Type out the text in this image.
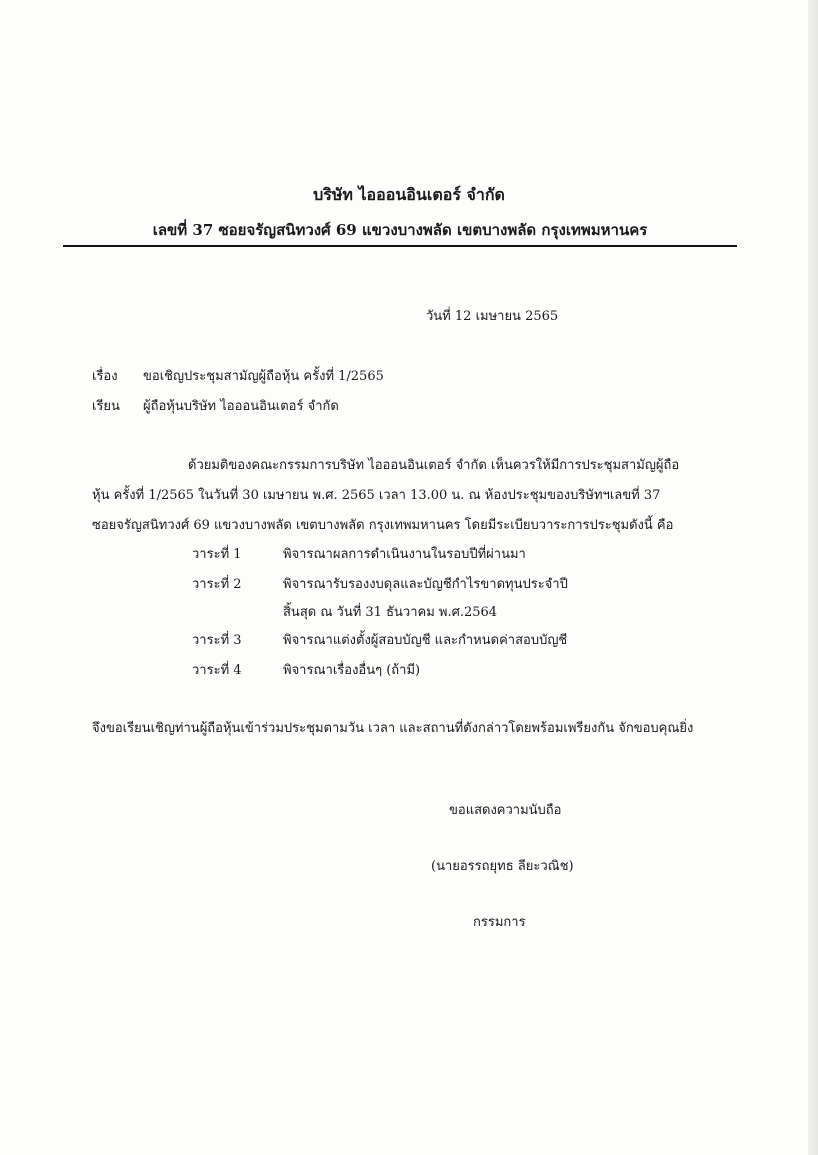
บริษัท ไอออนอินเตอร์ จำกัด
เลขที่ 37 ซอยจรัญสนิทวงศ์ 69 แขวงบางพลัด เขตบางพลัด กรุงเทพมหานคร
วันที่ 12 เมษายน 2565
เรื่อง ขอเชิญประชุมสามัญผู้ถือหุ้น ครั้งที่ 1/2565
เรียน ผู้ถือหุ้นบริษัท ไอออนอินเตอร์ จำกัด
ด้วยมติของคณะกรรมการบริษัท ไอออนอินเตอร์ จำกัด เห็นควรให้มีการประชุมสามัญผู้ถือ
หุ้น ครั้งที่ 1/2565 ในวันที่ 30 เมษายน พ.ศ. 2565 เวลา 13.00 น. ณ ห้องประชุมของบริษัทฯเลขที่ 37
ซอยจรัญสนิทวงศ์ 69 แขวงบางพลัด เขตบางพลัด กรุงเทพมหานคร โดยมีระเบียบวาระการประชุมดังนี้ คือ
วาระที่ 1	พิจารณาผลการดำเนินงานในรอบปีที่ผ่านมา
วาระที่ 2	พิจารณารับรองงบดุลและบัญชีกำไรขาดทุนประจำปี
สิ้นสุด ณ วันที่ 31 ธันวาคม พ.ศ.2564
วาระที่ 3	พิจารณาแต่งตั้งผู้สอบบัญชี และกำหนดค่าสอบบัญชี
วาระที่ 4	พิจารณาเรื่องอื่นๆ (ถ้ามี)
จึงขอเรียนเชิญท่านผู้ถือหุ้นเข้าร่วมประชุมตามวัน เวลา และสถานที่ดังกล่าวโดยพร้อมเพรียงกัน จักขอบคุณยิ่ง
ขอแสดงความนับถือ
(นายอรรถยุทธ ลียะวณิช)
กรรมการ
